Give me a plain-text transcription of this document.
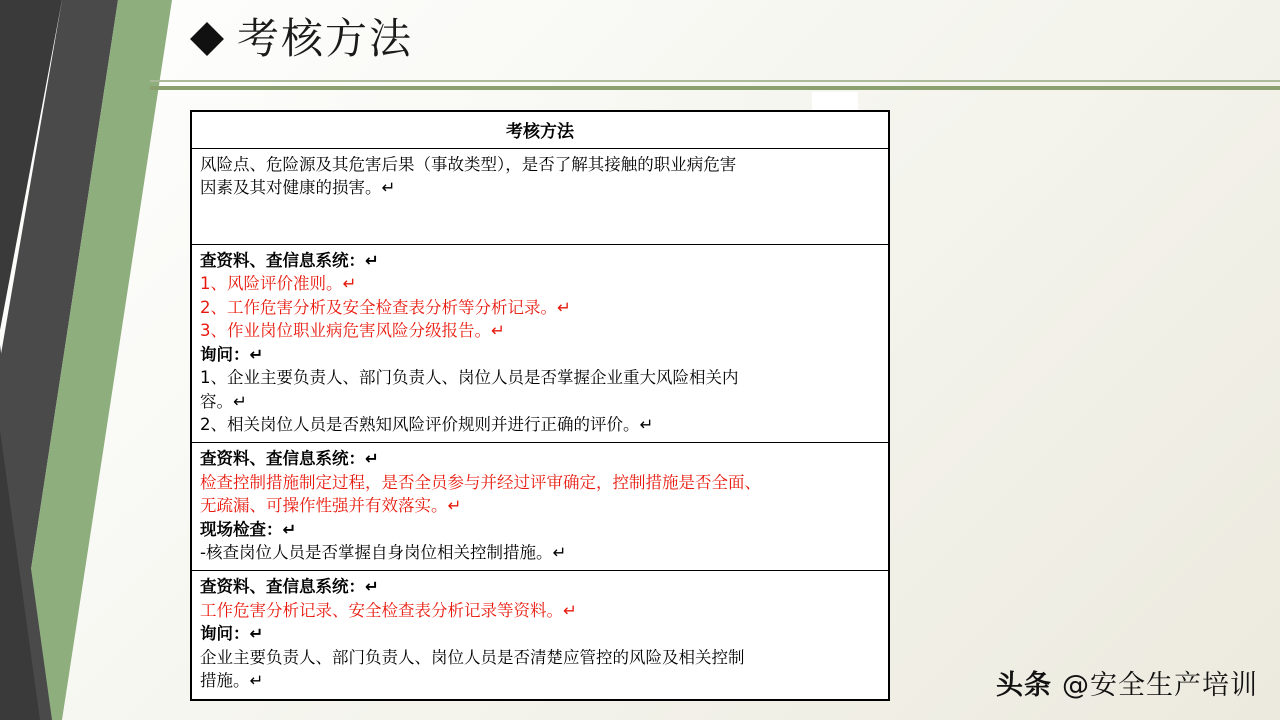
考核方法
考核方法
风险点、危险源及其危害后果（事故类型），是否了解其接触的职业病危害
因素及其对健康的损害。↵
查资料、查信息系统：↵
1、风险评价准则。↵
2、工作危害分析及安全检查表分析等分析记录。↵
3、作业岗位职业病危害风险分级报告。↵
询问：↵
1、企业主要负责人、部门负责人、岗位人员是否掌握企业重大风险相关内
容。↵
2、相关岗位人员是否熟知风险评价规则并进行正确的评价。↵
查资料、查信息系统：↵
检查控制措施制定过程，是否全员参与并经过评审确定，控制措施是否全面、
无疏漏、可操作性强并有效落实。↵
现场检查：↵
-核查岗位人员是否掌握自身岗位相关控制措施。↵
查资料、查信息系统：↵
工作危害分析记录、安全检查表分析记录等资料。↵
询问：↵
企业主要负责人、部门负责人、岗位人员是否清楚应管控的风险及相关控制
措施。↵	头条 @安全生产培训
